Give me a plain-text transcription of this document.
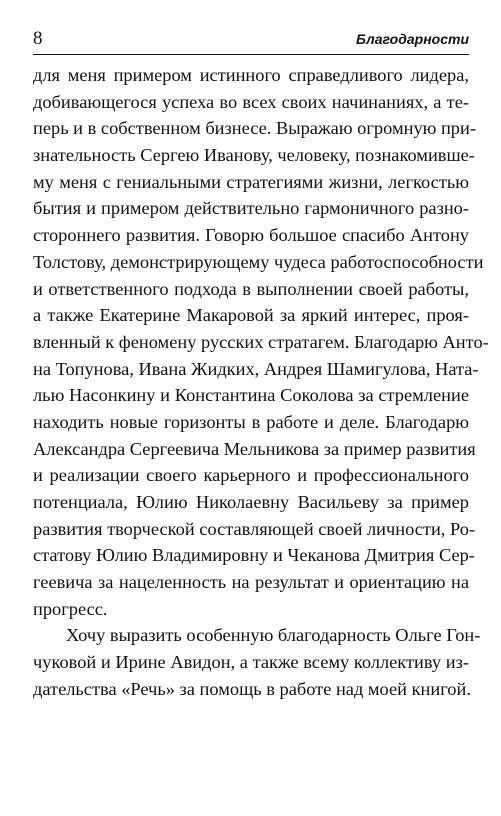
8	Благодарности
для меня примером истинного справедливого лидера,
добивающегося успеха во всех своих начинаниях, а те-
перь и в собственном бизнесе. Выражаю огромную при-
знательность Сергею Иванову, человеку, познакомивше-
му меня с гениальными стратегиями жизни, легкостью
бытия и примером действительно гармоничного разно-
стороннего развития. Говорю большое спасибо Антону
Толстову, демонстрирующему чудеса работоспособности
и ответственного подхода в выполнении своей работы,
а также Екатерине Макаровой за яркий интерес, проя-
вленный к феномену русских стратагем. Благодарю Анто-
на Топунова, Ивана Жидких, Андрея Шамигулова, Ната-
лью Насонкину и Константина Соколова за стремление
находить новые горизонты в работе и деле. Благодарю
Александра Сергеевича Мельникова за пример развития
и реализации своего карьерного и профессионального
потенциала, Юлию Николаевну Васильеву за пример
развития творческой составляющей своей личности, Ро-
статову Юлию Владимировну и Чеканова Дмитрия Сер-
геевича за нацеленность на результат и ориентацию на
прогресс.
Хочу выразить особенную благодарность Ольге Гон-
чуковой и Ирине Авидон, а также всему коллективу из-
дательства «Речь» за помощь в работе над моей книгой.
